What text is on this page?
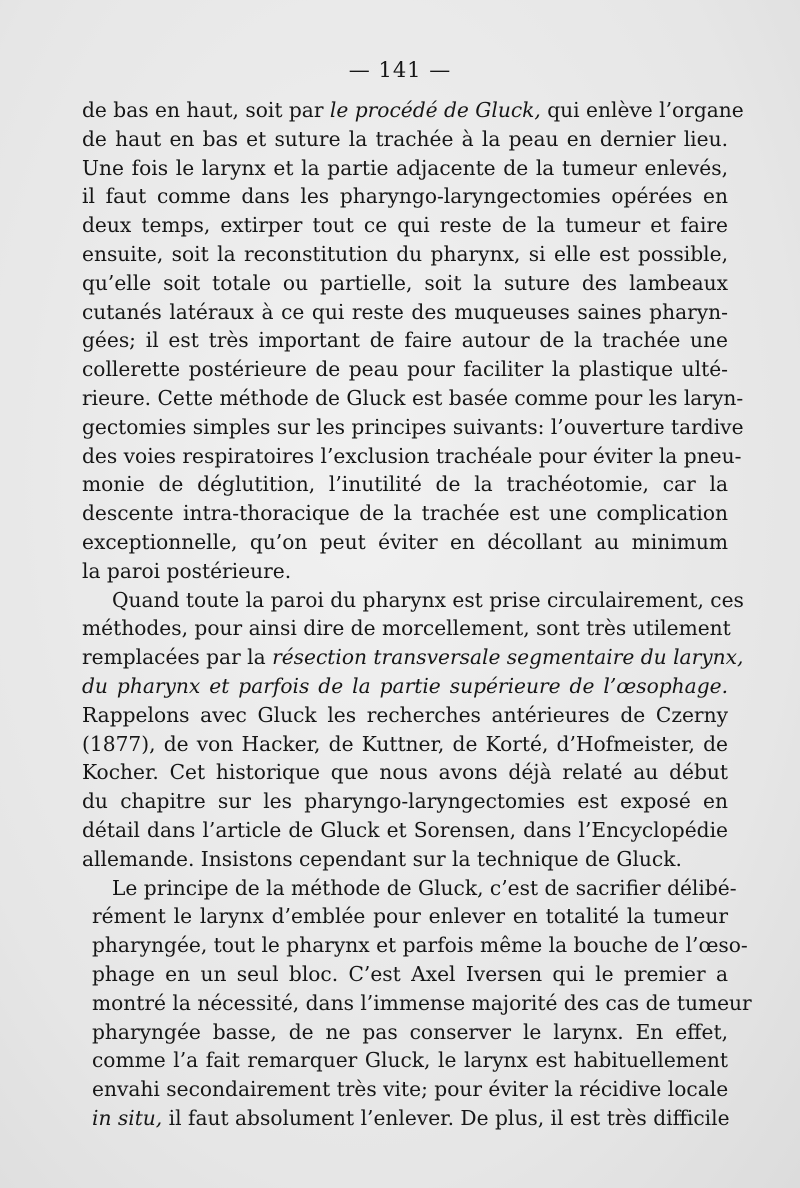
— 141 —
de bas en haut, soit par le procédé de Gluck, qui enlève l’organe
de haut en bas et suture la trachée à la peau en dernier lieu.
Une fois le larynx et la partie adjacente de la tumeur enlevés,
il faut comme dans les pharyngo-laryngectomies opérées en
deux temps, extirper tout ce qui reste de la tumeur et faire
ensuite, soit la reconstitution du pharynx, si elle est possible,
qu’elle soit totale ou partielle, soit la suture des lambeaux
cutanés latéraux à ce qui reste des muqueuses saines pharyn-
gées; il est très important de faire autour de la trachée une
collerette postérieure de peau pour faciliter la plastique ulté-
rieure. Cette méthode de Gluck est basée comme pour les laryn-
gectomies simples sur les principes suivants: l’ouverture tardive
des voies respiratoires l’exclusion trachéale pour éviter la pneu-
monie de déglutition, l’inutilité de la trachéotomie, car la
descente intra-thoracique de la trachée est une complication
exceptionnelle, qu’on peut éviter en décollant au minimum
la paroi postérieure.
Quand toute la paroi du pharynx est prise circulairement, ces
méthodes, pour ainsi dire de morcellement, sont très utilement
remplacées par la résection transversale segmentaire du larynx,
du pharynx et parfois de la partie supérieure de l’œsophage.
Rappelons avec Gluck les recherches antérieures de Czerny
(1877), de von Hacker, de Kuttner, de Korté, d’Hofmeister, de
Kocher. Cet historique que nous avons déjà relaté au début
du chapitre sur les pharyngo-laryngectomies est exposé en
détail dans l’article de Gluck et Sorensen, dans l’Encyclopédie
allemande. Insistons cependant sur la technique de Gluck.
Le principe de la méthode de Gluck, c’est de sacrifier délibé-
rément le larynx d’emblée pour enlever en totalité la tumeur
pharyngée, tout le pharynx et parfois même la bouche de l’œso-
phage en un seul bloc. C’est Axel Iversen qui le premier a
montré la nécessité, dans l’immense majorité des cas de tumeur
pharyngée basse, de ne pas conserver le larynx. En effet,
comme l’a fait remarquer Gluck, le larynx est habituellement
envahi secondairement très vite; pour éviter la récidive locale
in situ, il faut absolument l’enlever. De plus, il est très difficile
